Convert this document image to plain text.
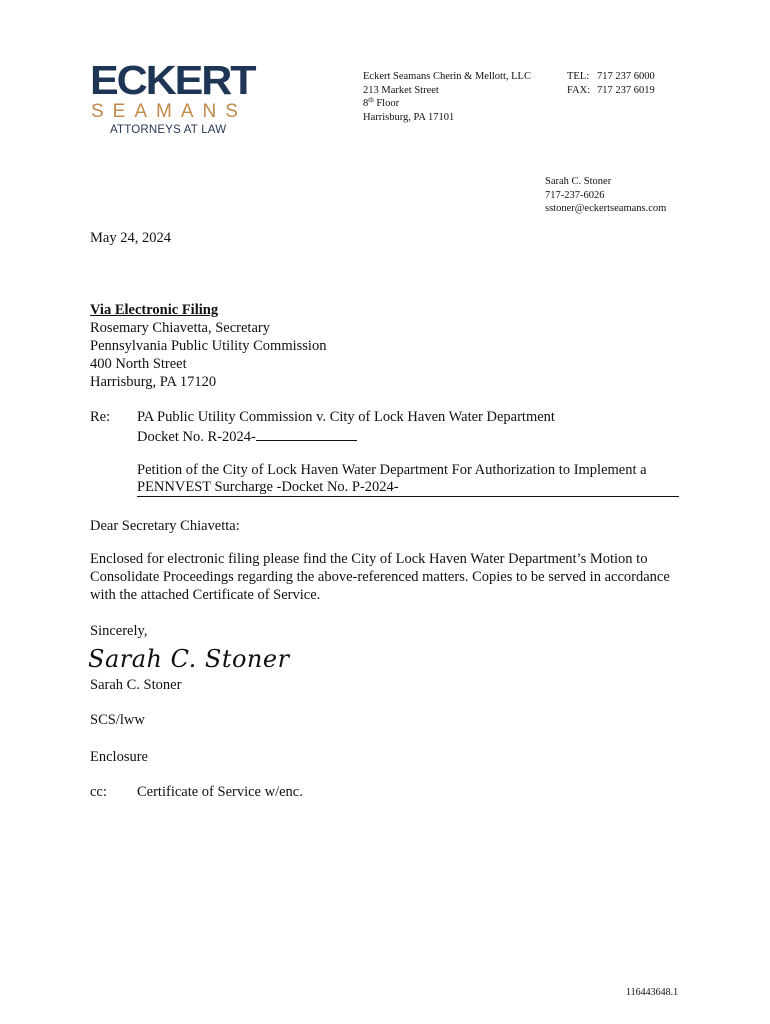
ECKERT
SEAMANS
ATTORNEYS AT LAW
Eckert Seamans Cherin & Mellott, LLC
213 Market Street
8th Floor
Harrisburg, PA 17101
TEL: 717 237 6000
FAX: 717 237 6019
Sarah C. Stoner
717-237-6026
sstoner@eckertseamans.com
May 24, 2024
Via Electronic Filing
Rosemary Chiavetta, Secretary
Pennsylvania Public Utility Commission
400 North Street
Harrisburg, PA 17120
Re: PA Public Utility Commission v. City of Lock Haven Water Department
Docket No. R-2024-
Petition of the City of Lock Haven Water Department For Authorization to Implement a
PENNVEST Surcharge -Docket No. P-2024-
Dear Secretary Chiavetta:
Enclosed for electronic filing please find the City of Lock Haven Water Department’s Motion to Consolidate Proceedings regarding the above-referenced matters. Copies to be served in accordance with the attached Certificate of Service.
Sincerely,
Sarah C. Stoner
Sarah C. Stoner
SCS/lww
Enclosure
cc: Certificate of Service w/enc.
116443648.1
